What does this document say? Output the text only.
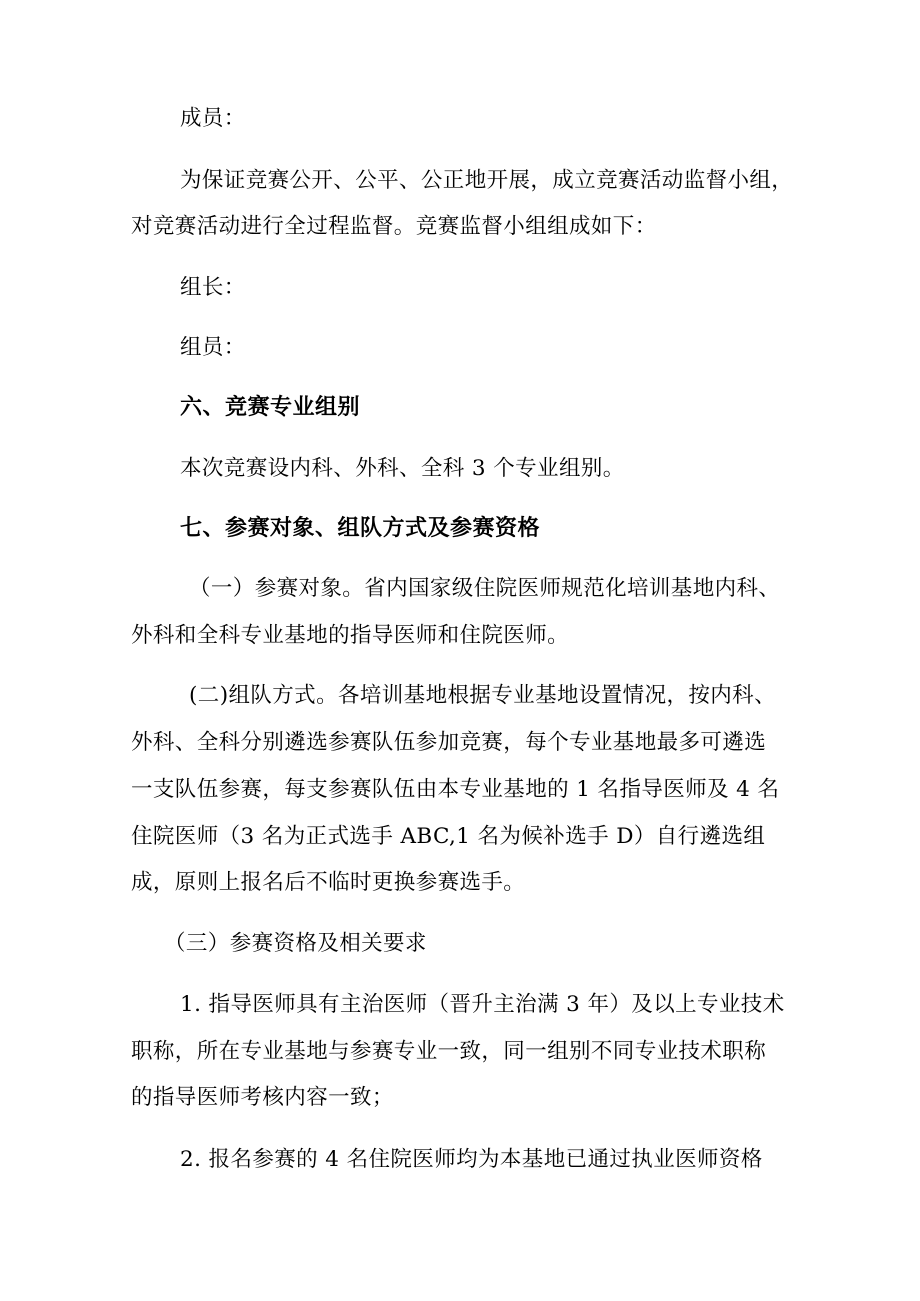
成员：
为保证竞赛公开、公平、公正地开展，成立竞赛活动监督小组，
对竞赛活动进行全过程监督。竞赛监督小组组成如下：
组长：
组员：
六、竞赛专业组别
本次竞赛设内科、外科、全科 3 个专业组别。
七、参赛对象、组队方式及参赛资格
（一）参赛对象。省内国家级住院医师规范化培训基地内科、
外科和全科专业基地的指导医师和住院医师。
(二)组队方式。各培训基地根据专业基地设置情况，按内科、
外科、全科分别遴选参赛队伍参加竞赛，每个专业基地最多可遴选
一支队伍参赛，每支参赛队伍由本专业基地的 1 名指导医师及 4 名
住院医师（3 名为正式选手 ABC,1 名为候补选手 D）自行遴选组
成，原则上报名后不临时更换参赛选手。
（三）参赛资格及相关要求
1. 指导医师具有主治医师（晋升主治满 3 年）及以上专业技术
职称，所在专业基地与参赛专业一致，同一组别不同专业技术职称
的指导医师考核内容一致；
2. 报名参赛的 4 名住院医师均为本基地已通过执业医师资格
